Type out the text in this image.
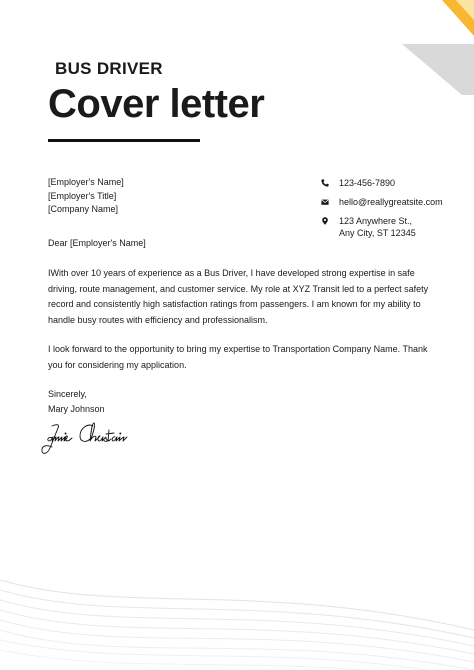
BUS DRIVER
Cover letter
[Employer's Name]
[Employer's Title]
[Company Name]
123-456-7890
hello@reallygreatsite.com
123 Anywhere St.,
Any City, ST 12345
Dear [Employer's Name]

IWith over 10 years of experience as a Bus Driver, I have developed strong expertise in safe driving, route management, and customer service. My role at XYZ Transit led to a perfect safety record and consistently high satisfaction ratings from passengers. I am known for my ability to handle busy routes with efficiency and professionalism.

I look forward to the opportunity to bring my expertise to Transportation Company Name. Thank you for considering my application.

Sincerely,
Mary Johnson
